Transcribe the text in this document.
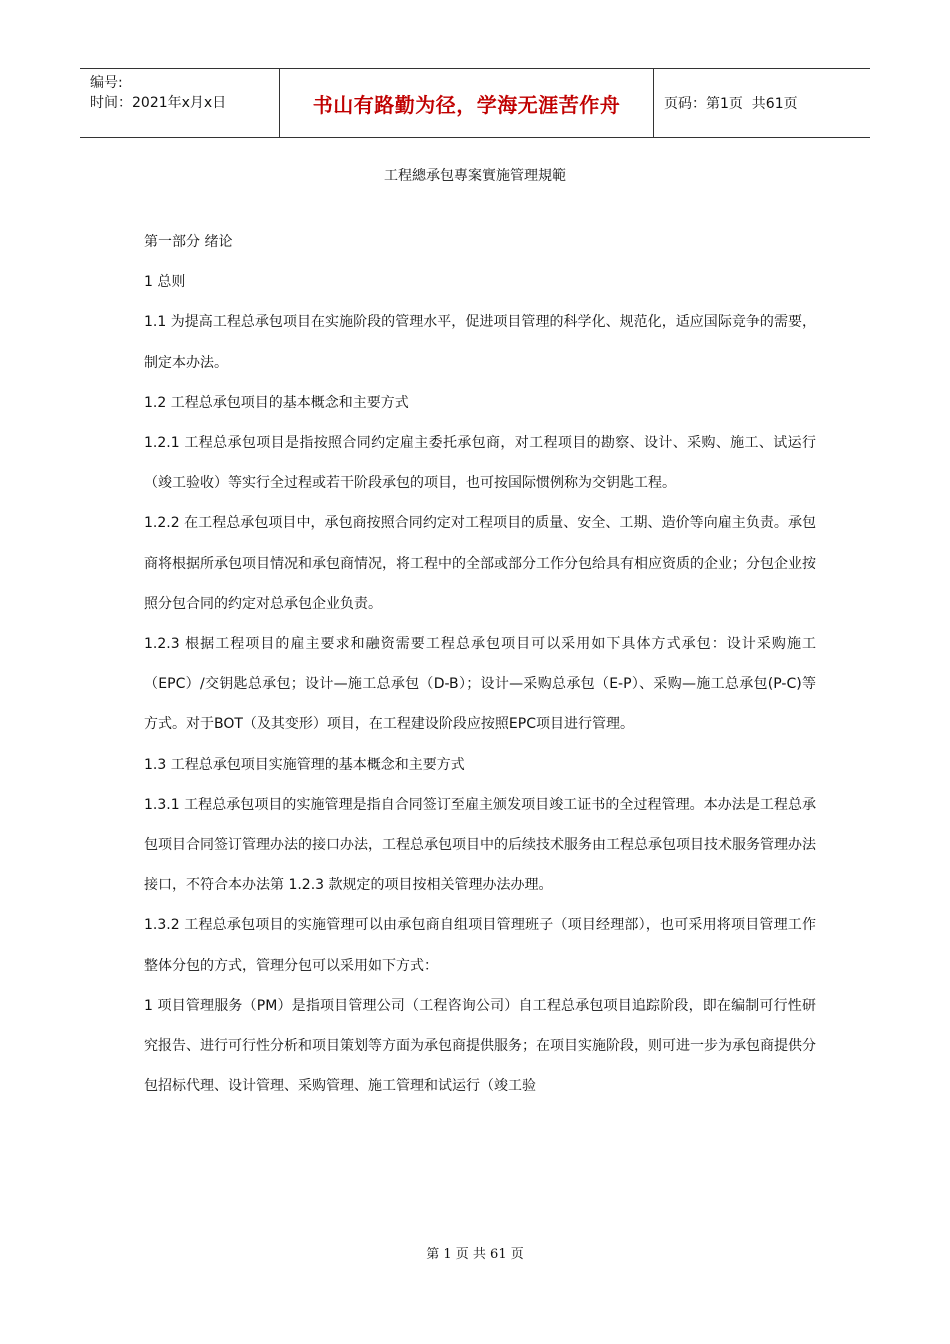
编号:
时间：2021年x月x日	书山有路勤为径，学海无涯苦作舟	页码：第1页  共61页
工程總承包專案實施管理規範

第一部分 绪论

1 总则

1.1 为提高工程总承包项目在实施阶段的管理水平，促进项目管理的科学化、规范化，适应国际竞争的需要，制定本办法。

1.2 工程总承包项目的基本概念和主要方式

1.2.1 工程总承包项目是指按照合同约定雇主委托承包商，对工程项目的勘察、设计、采购、施工、试运行（竣工验收）等实行全过程或若干阶段承包的项目，也可按国际惯例称为交钥匙工程。

1.2.2 在工程总承包项目中，承包商按照合同约定对工程项目的质量、安全、工期、造价等向雇主负责。承包商将根据所承包项目情况和承包商情况，将工程中的全部或部分工作分包给具有相应资质的企业；分包企业按照分包合同的约定对总承包企业负责。

1.2.3 根据工程项目的雇主要求和融资需要工程总承包项目可以采用如下具体方式承包：设计采购施工（EPC）/交钥匙总承包；设计—施工总承包（D-B）；设计—采购总承包（E-P）、采购—施工总承包(P-C)等方式。对于BOT（及其变形）项目，在工程建设阶段应按照EPC项目进行管理。

1.3 工程总承包项目实施管理的基本概念和主要方式

1.3.1 工程总承包项目的实施管理是指自合同签订至雇主颁发项目竣工证书的全过程管理。本办法是工程总承包项目合同签订管理办法的接口办法，工程总承包项目中的后续技术服务由工程总承包项目技术服务管理办法接口，不符合本办法第 1.2.3 款规定的项目按相关管理办法办理。

1.3.2 工程总承包项目的实施管理可以由承包商自组项目管理班子（项目经理部），也可采用将项目管理工作整体分包的方式，管理分包可以采用如下方式：

1 项目管理服务（PM）是指项目管理公司（工程咨询公司）自工程总承包项目追踪阶段，即在编制可行性研究报告、进行可行性分析和项目策划等方面为承包商提供服务；在项目实施阶段，则可进一步为承包商提供分包招标代理、设计管理、采购管理、施工管理和试运行（竣工验

第 1 页 共 61 页
